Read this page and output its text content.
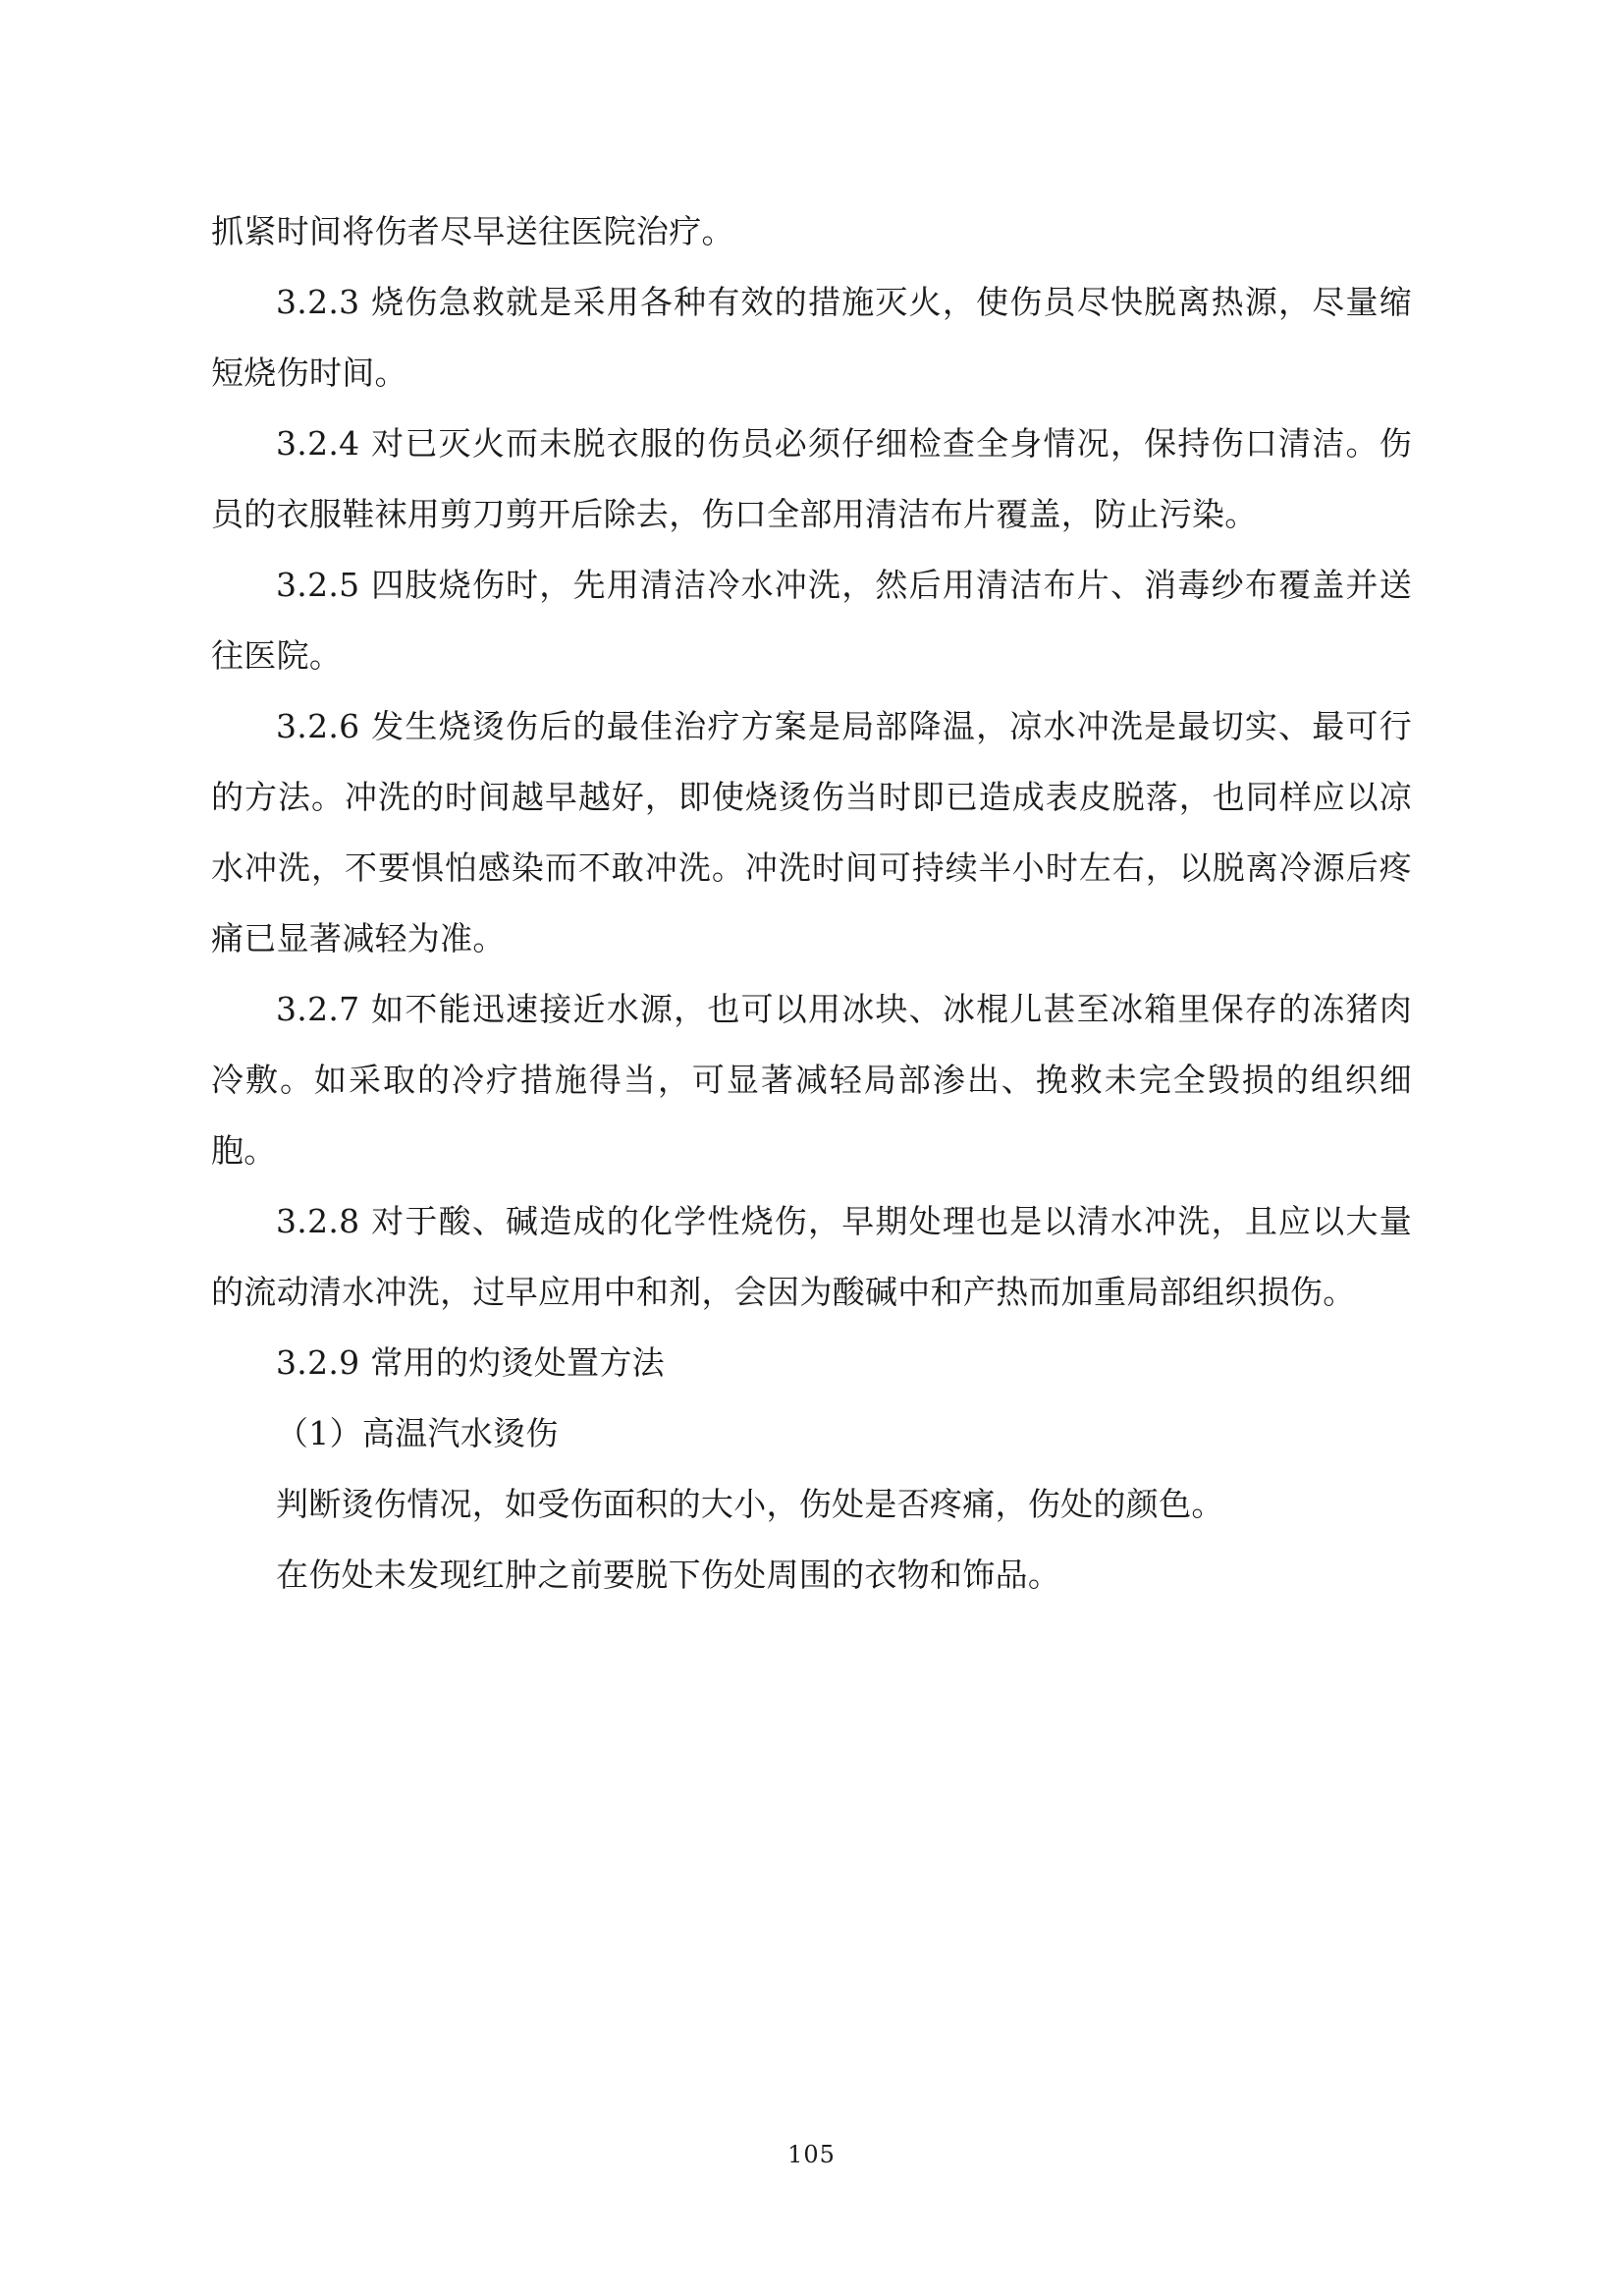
抓紧时间将伤者尽早送往医院治疗。

3.2.3 烧伤急救就是采用各种有效的措施灭火，使伤员尽快脱离热源，尽量缩短烧伤时间。

3.2.4 对已灭火而未脱衣服的伤员必须仔细检查全身情况，保持伤口清洁。伤员的衣服鞋袜用剪刀剪开后除去，伤口全部用清洁布片覆盖，防止污染。

3.2.5 四肢烧伤时，先用清洁冷水冲洗，然后用清洁布片、消毒纱布覆盖并送往医院。

3.2.6 发生烧烫伤后的最佳治疗方案是局部降温，凉水冲洗是最切实、最可行的方法。冲洗的时间越早越好，即使烧烫伤当时即已造成表皮脱落，也同样应以凉水冲洗，不要惧怕感染而不敢冲洗。冲洗时间可持续半小时左右，以脱离冷源后疼痛已显著减轻为准。

3.2.7 如不能迅速接近水源，也可以用冰块、冰棍儿甚至冰箱里保存的冻猪肉冷敷。如采取的冷疗措施得当，可显著减轻局部渗出、挽救未完全毁损的组织细胞。

3.2.8 对于酸、碱造成的化学性烧伤，早期处理也是以清水冲洗，且应以大量的流动清水冲洗，过早应用中和剂，会因为酸碱中和产热而加重局部组织损伤。

3.2.9 常用的灼烫处置方法

（1）高温汽水烫伤

判断烫伤情况，如受伤面积的大小，伤处是否疼痛，伤处的颜色。

在伤处未发现红肿之前要脱下伤处周围的衣物和饰品。

105
